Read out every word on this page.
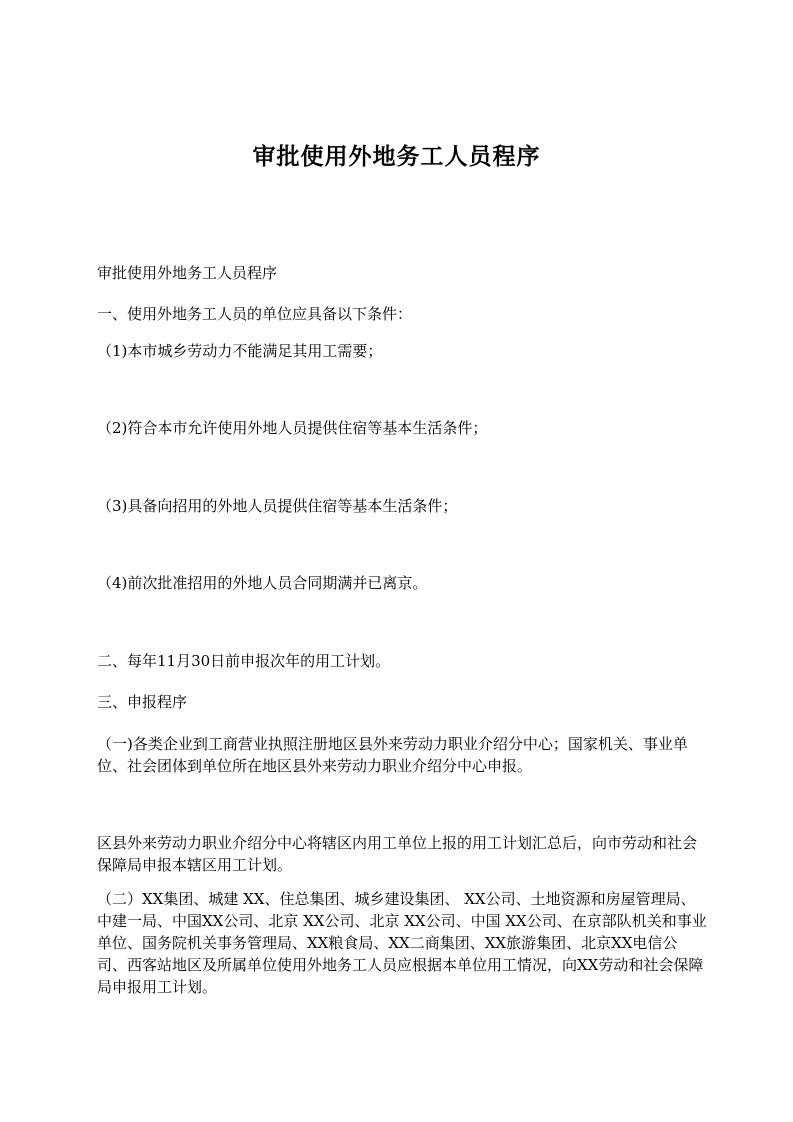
审批使用外地务工人员程序

审批使用外地务工人员程序

一、使用外地务工人员的单位应具备以下条件：

（1)本市城乡劳动力不能满足其用工需要；

（2)符合本市允许使用外地人员提供住宿等基本生活条件；

（3)具备向招用的外地人员提供住宿等基本生活条件；

（4)前次批准招用的外地人员合同期满并已离京。

二、每年11月30日前申报次年的用工计划。

三、申报程序

（一)各类企业到工商营业执照注册地区县外来劳动力职业介绍分中心；国家机关、事业单位、社会团体到单位所在地区县外来劳动力职业介绍分中心申报。

区县外来劳动力职业介绍分中心将辖区内用工单位上报的用工计划汇总后，向市劳动和社会保障局申报本辖区用工计划。

（二）XX集团、城建 XX、住总集团、城乡建设集团、 XX公司、土地资源和房屋管理局、中建一局、中国XX公司、北京 XX公司、北京 XX公司、中国 XX公司、在京部队机关和事业单位、国务院机关事务管理局、XX粮食局、XX二商集团、XX旅游集团、北京XX电信公司、西客站地区及所属单位使用外地务工人员应根据本单位用工情况，向XX劳动和社会保障局申报用工计划。
